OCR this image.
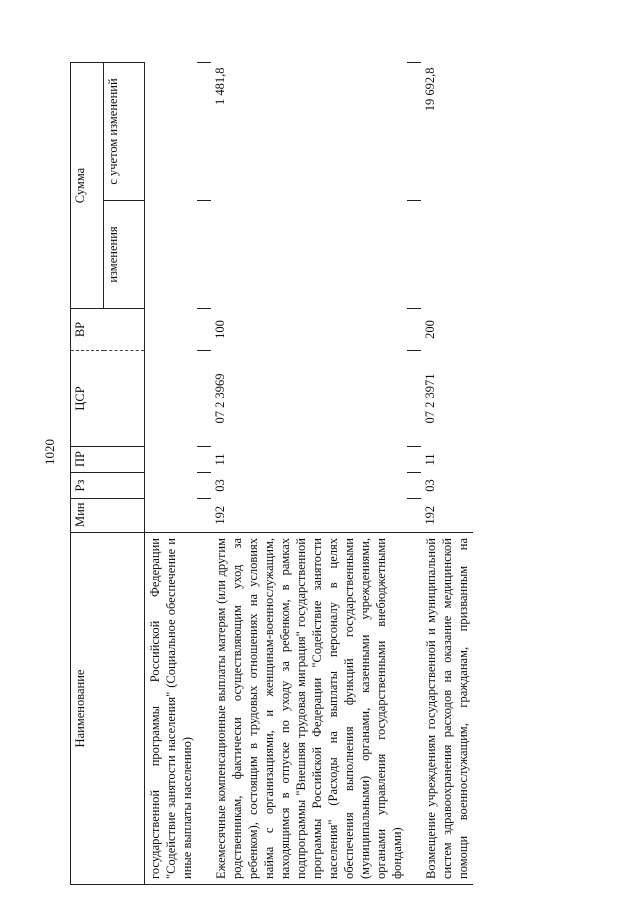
1020
Наименование	Мин	Рз	ПР	ЦСР	ВР	Сумма	
						изменения	с учетом изменений
государственной программы Российской Федерации "Содействие занятости населения" (Социальное обеспечение и иные выплаты населению)							

Ежемесячные компенсационные выплаты матерям (или другим родственникам, фактически осуществляющим уход за ребенком), состоящим в трудовых отношениях на условиях найма с организациями, и женщинам-военнослужащим, находящимся в отпуске по уходу за ребенком, в рамках подпрограммы "Внешняя трудовая миграция" государственной программы Российской Федерации "Содействие занятости населения" (Расходы на выплаты персоналу в целях обеспечения выполнения функций государственными (муниципальными) органами, казенными учреждениями, органами управления государственными внебюджетными фондами)	192	03	11	07 2 3969	100		1 481,8

Возмещение учреждениям государственной и муниципальной систем здравоохранения расходов на оказание медицинской помощи военнослужащим, гражданам, призванным на	192	03	11	07 2 3971	200		19 692,8
